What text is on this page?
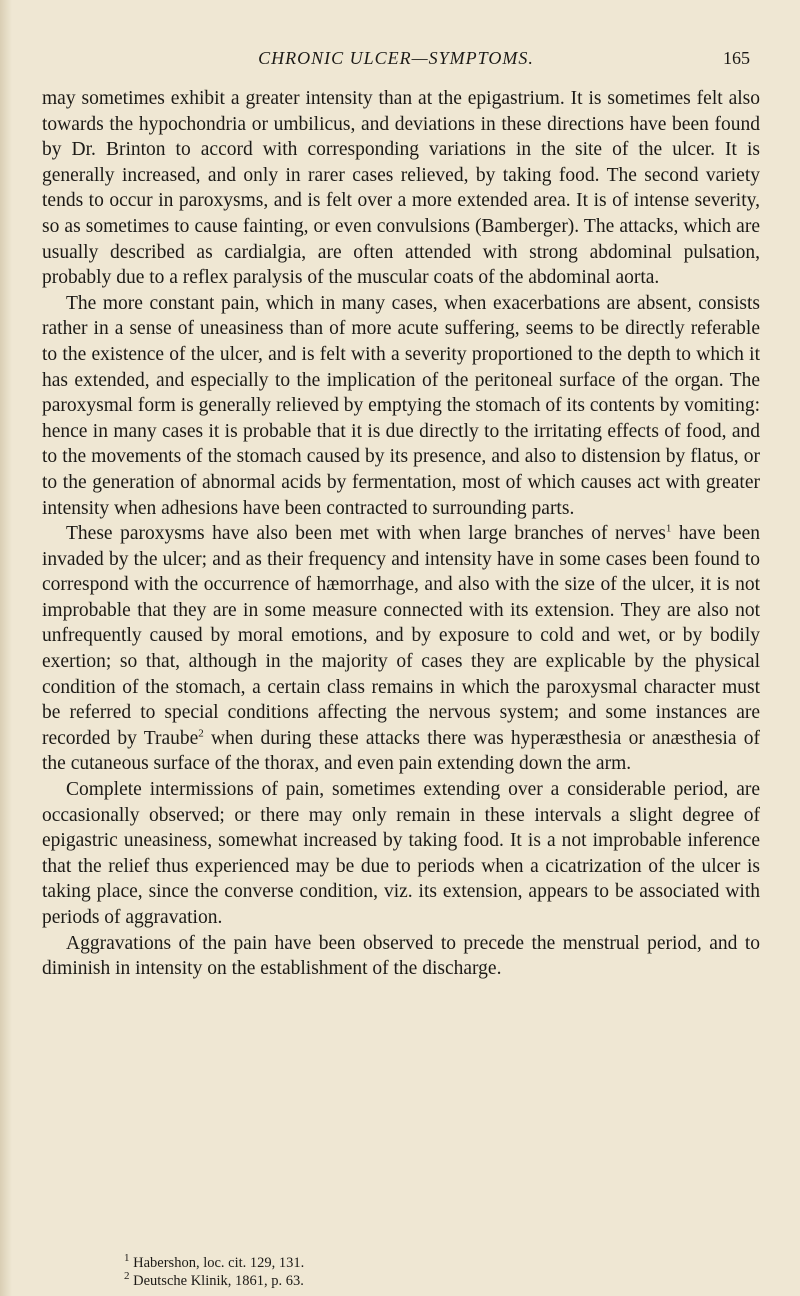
CHRONIC ULCER—SYMPTOMS.	165

may sometimes exhibit a greater intensity than at the epigastrium. It is sometimes felt also towards the hypochondria or umbilicus, and deviations in these directions have been found by Dr. Brinton to accord with corresponding variations in the site of the ulcer. It is generally increased, and only in rarer cases relieved, by taking food. The second variety tends to occur in paroxysms, and is felt over a more extended area. It is of intense severity, so as sometimes to cause fainting, or even convulsions (Bamberger). The attacks, which are usually described as cardialgia, are often attended with strong abdominal pulsation, probably due to a reflex paralysis of the muscular coats of the abdominal aorta.

The more constant pain, which in many cases, when exacerbations are absent, consists rather in a sense of uneasiness than of more acute suffering, seems to be directly referable to the existence of the ulcer, and is felt with a severity proportioned to the depth to which it has extended, and especially to the implication of the peritoneal surface of the organ. The paroxysmal form is generally relieved by emptying the stomach of its contents by vomiting: hence in many cases it is probable that it is due directly to the irritating effects of food, and to the movements of the stomach caused by its presence, and also to distension by flatus, or to the generation of abnormal acids by fermentation, most of which causes act with greater intensity when adhesions have been contracted to surrounding parts.

These paroxysms have also been met with when large branches of nerves$^1$ have been invaded by the ulcer; and as their frequency and intensity have in some cases been found to correspond with the occurrence of hæmorrhage, and also with the size of the ulcer, it is not improbable that they are in some measure connected with its extension. They are also not unfrequently caused by moral emotions, and by exposure to cold and wet, or by bodily exertion; so that, although in the majority of cases they are explicable by the physical condition of the stomach, a certain class remains in which the paroxysmal character must be referred to special conditions affecting the nervous system; and some instances are recorded by Traube$^2$ when during these attacks there was hyperæsthesia or anæsthesia of the cutaneous surface of the thorax, and even pain extending down the arm.

Complete intermissions of pain, sometimes extending over a considerable period, are occasionally observed; or there may only remain in these intervals a slight degree of epigastric uneasiness, somewhat increased by taking food. It is a not improbable inference that the relief thus experienced may be due to periods when a cicatrization of the ulcer is taking place, since the converse condition, viz. its extension, appears to be associated with periods of aggravation.

Aggravations of the pain have been observed to precede the menstrual period, and to diminish in intensity on the establishment of the discharge.

$^1$ Habershon, loc. cit. 129, 131.

$^2$ Deutsche Klinik, 1861, p. 63.
